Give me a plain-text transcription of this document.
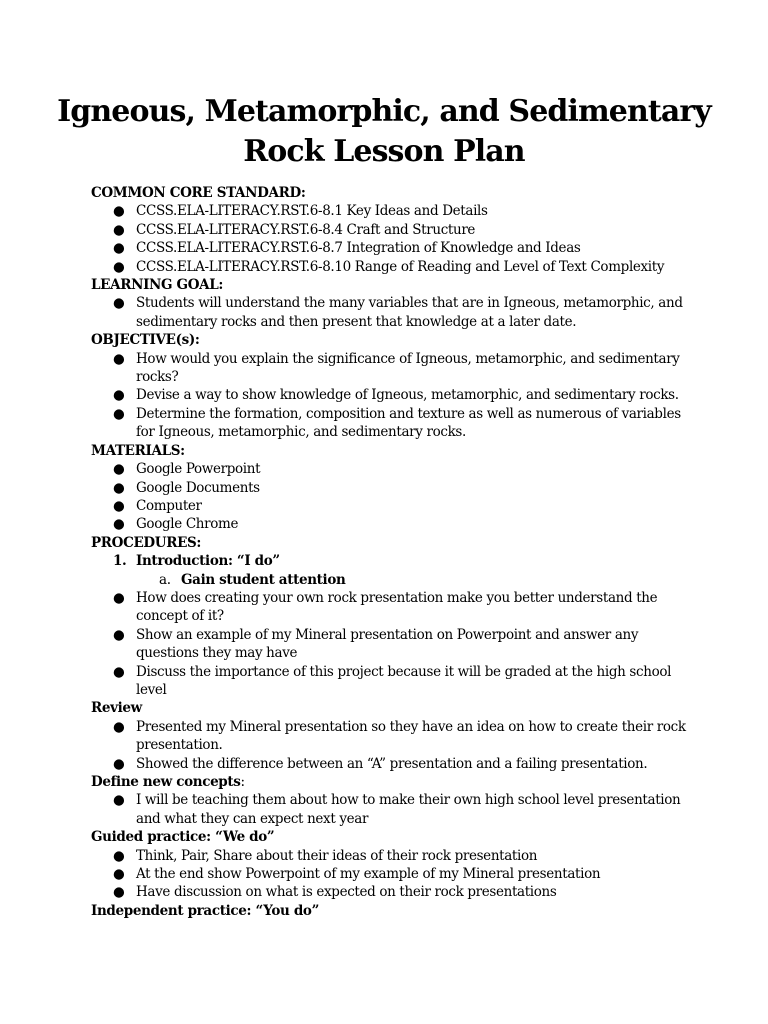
Igneous, Metamorphic, and Sedimentary Rock Lesson Plan
COMMON CORE STANDARD:
● CCSS.ELA-LITERACY.RST.6-8.1 Key Ideas and Details
● CCSS.ELA-LITERACY.RST.6-8.4 Craft and Structure
● CCSS.ELA-LITERACY.RST.6-8.7 Integration of Knowledge and Ideas
● CCSS.ELA-LITERACY.RST.6-8.10 Range of Reading and Level of Text Complexity
LEARNING GOAL:
● Students will understand the many variables that are in Igneous, metamorphic, and sedimentary rocks and then present that knowledge at a later date.
OBJECTIVE(s):
● How would you explain the significance of Igneous, metamorphic, and sedimentary rocks?
● Devise a way to show knowledge of Igneous, metamorphic, and sedimentary rocks.
● Determine the formation, composition and texture as well as numerous of variables for Igneous, metamorphic, and sedimentary rocks.
MATERIALS:
● Google Powerpoint
● Google Documents
● Computer
● Google Chrome
PROCEDURES:
1. Introduction: “I do”
a. Gain student attention
● How does creating your own rock presentation make you better understand the concept of it?
● Show an example of my Mineral presentation on Powerpoint and answer any questions they may have
● Discuss the importance of this project because it will be graded at the high school level
Review
● Presented my Mineral presentation so they have an idea on how to create their rock presentation.
● Showed the difference between an “A” presentation and a failing presentation.
Define new concepts:
● I will be teaching them about how to make their own high school level presentation and what they can expect next year
Guided practice: “We do”
● Think, Pair, Share about their ideas of their rock presentation
● At the end show Powerpoint of my example of my Mineral presentation
● Have discussion on what is expected on their rock presentations
Independent practice: “You do”
